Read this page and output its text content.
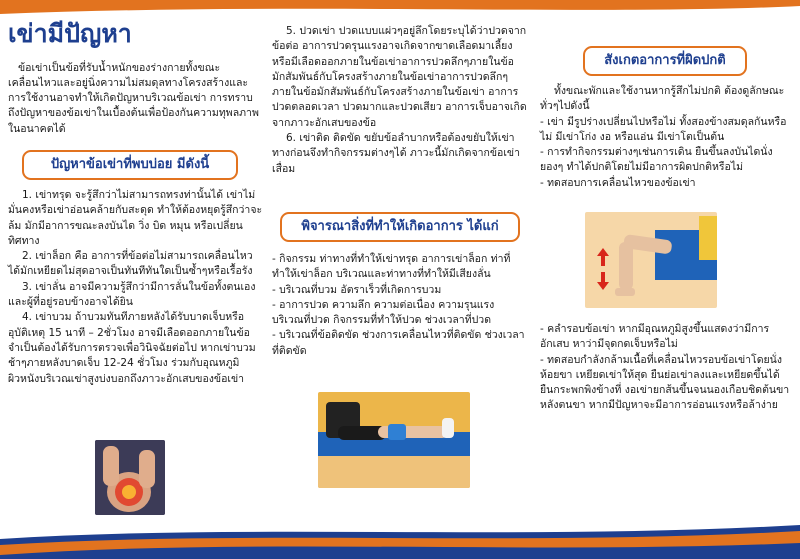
เข่ามีปัญหา

ข้อเข่าเป็นข้อที่รับน้ำหนักของร่างกายทั้งขณะเคลื่อนไหวและอยู่นิ่งความไม่สมดุลทางโครงสร้างและการใช้งานอาจทำให้เกิดปัญหาบริเวณข้อเข่า การทราบถึงปัญหาของข้อเข่าในเบื้องต้นเพื่อป้องกันความทุพลภาพในอนาคตได้

ปัญหาข้อเข่าที่พบบ่อย มีดังนี้

1. เข่าทรุด จะรู้สึกว่าไม่สามารถทรงท่านั้นได้ เข่าไม่มั่นคงหรือเข่าอ่อนคล้ายกับสะดุด ทำให้ต้องหยุดรู้สึกว่าจะล้ม มักมีอาการขณะลงบันได วิ่ง บิด หมุน หรือเปลี่ยนทิศทาง

2. เข่าล็อก คือ อาการที่ข้อต่อไม่สามารถเคลื่อนไหวได้มักเหยียดไม่สุดอาจเป็นทันทีทันใดเป็นซ้ำๆหรือเรื้อรัง

3. เข่าลั่น อาจมีความรู้สึกว่ามีการลั่นในข้อทั้งตนเองและผู้ที่อยู่รอบข้างอาจได้ยิน

4. เข่าบวม ถ้าบวมทันทีภายหลังได้รับบาดเจ็บหรืออุบัติเหตุ 15 นาที – 2ชั่วโมง อาจมีเลือดออกภายในข้อ จำเป็นต้องได้รับการตรวจเพื่อวินิจฉัยต่อไป หากเข่าบวมช้าๆภายหลังบาดเจ็บ 12-24 ชั่วโมง ร่วมกับอุณหภูมิผิวหนังบริเวณเข่าสูงบ่งบอกถึงภาวะอักเสบของข้อเข่า

5. ปวดเข่า ปวดแบบแผ่วๆอยู่ลึกโดยระบุได้ว่าปวดจากข้อต่อ อาการปวดรุนแรงอาจเกิดจากขาดเลือดมาเลี้ยง หรือมีเลือดออกภายในข้อเข่าอาการปวดลึกๆภายในข้อ มักสัมพันธ์กับโครงสร้างภายในข้อเข่าอาการปวดลึกๆภายในข้อมักสัมพันธ์กับโครงสร้างภายในข้อเข่า อาการปวดตลอดเวลา ปวดมากและปวดเสียว อาการเจ็บอาจเกิดจากภาวะอักเสบของข้อ

6. เข่าติด ติดขัด ขยับข้อลำบากหรือต้องขยับให้เข่าทางก่อนจึงทำกิจกรรมต่างๆได้ ภาวะนี้มักเกิดจากข้อเข่าเสื่อม

พิจารณาสิ่งที่ทำให้เกิดอาการ ได้แก่

- กิจกรรม ท่าทางที่ทำให้เข่าทรุด อาการเข่าล็อก ท่าที่ทำให้เข่าล็อก บริเวณและท่าทางที่ทำให้มีเสียงลั่น

- บริเวณที่บวม อัตราเร็วที่เกิดการบวม

- อาการปวด ความลึก ความต่อเนื่อง ความรุนแรง บริเวณที่ปวด กิจกรรมที่ทำให้ปวด ช่วงเวลาที่ปวด

- บริเวณที่ข้อติดขัด ช่วงการเคลื่อนไหวที่ติดขัด ช่วงเวลาที่ติดขัด

สังเกตอาการที่ผิดปกติ

ทั้งขณะพักและใช้งานหากรู้สึกไม่ปกติ ต้องดูลักษณะทั่วๆไปดังนี้

- เข่า มีรูปร่างเปลี่ยนไปหรือไม่ ทั้งสองข้างสมดุลกันหรือไม่ มีเข่าโก่ง งอ หรือแอ่น มีเข่าโตเป็นต้น

- การทำกิจกรรมต่างๆเช่นการเดิน ยืนขึ้นลงบันไดนั่งยองๆ ทำได้ปกติโดยไม่มีอาการผิดปกติหรือไม่

- ทดสอบการเคลื่อนไหวของข้อเข่า

- คลำรอบข้อเข่า หากมีอุณหภูมิสูงขึ้นแสดงว่ามีการอักเสบ หาว่ามีจุดกดเจ็บหรือไม่

- ทดสอบกำลังกล้ามเนื้อที่เคลื่อนไหวรอบข้อเข่าโดยนั่งห้อยขา เหยียดเข่าให้สุด ยืนย่อเข่าลงและเหยียดขึ้นได้ ยืนกระพกพิงข้างที่ งอเข่ายกส้นขึ้นจนนองเกือบชิดต้นขาหลังตนขา หากมีปัญหาจะมีอาการอ่อนแรงหรือล้าง่าย
